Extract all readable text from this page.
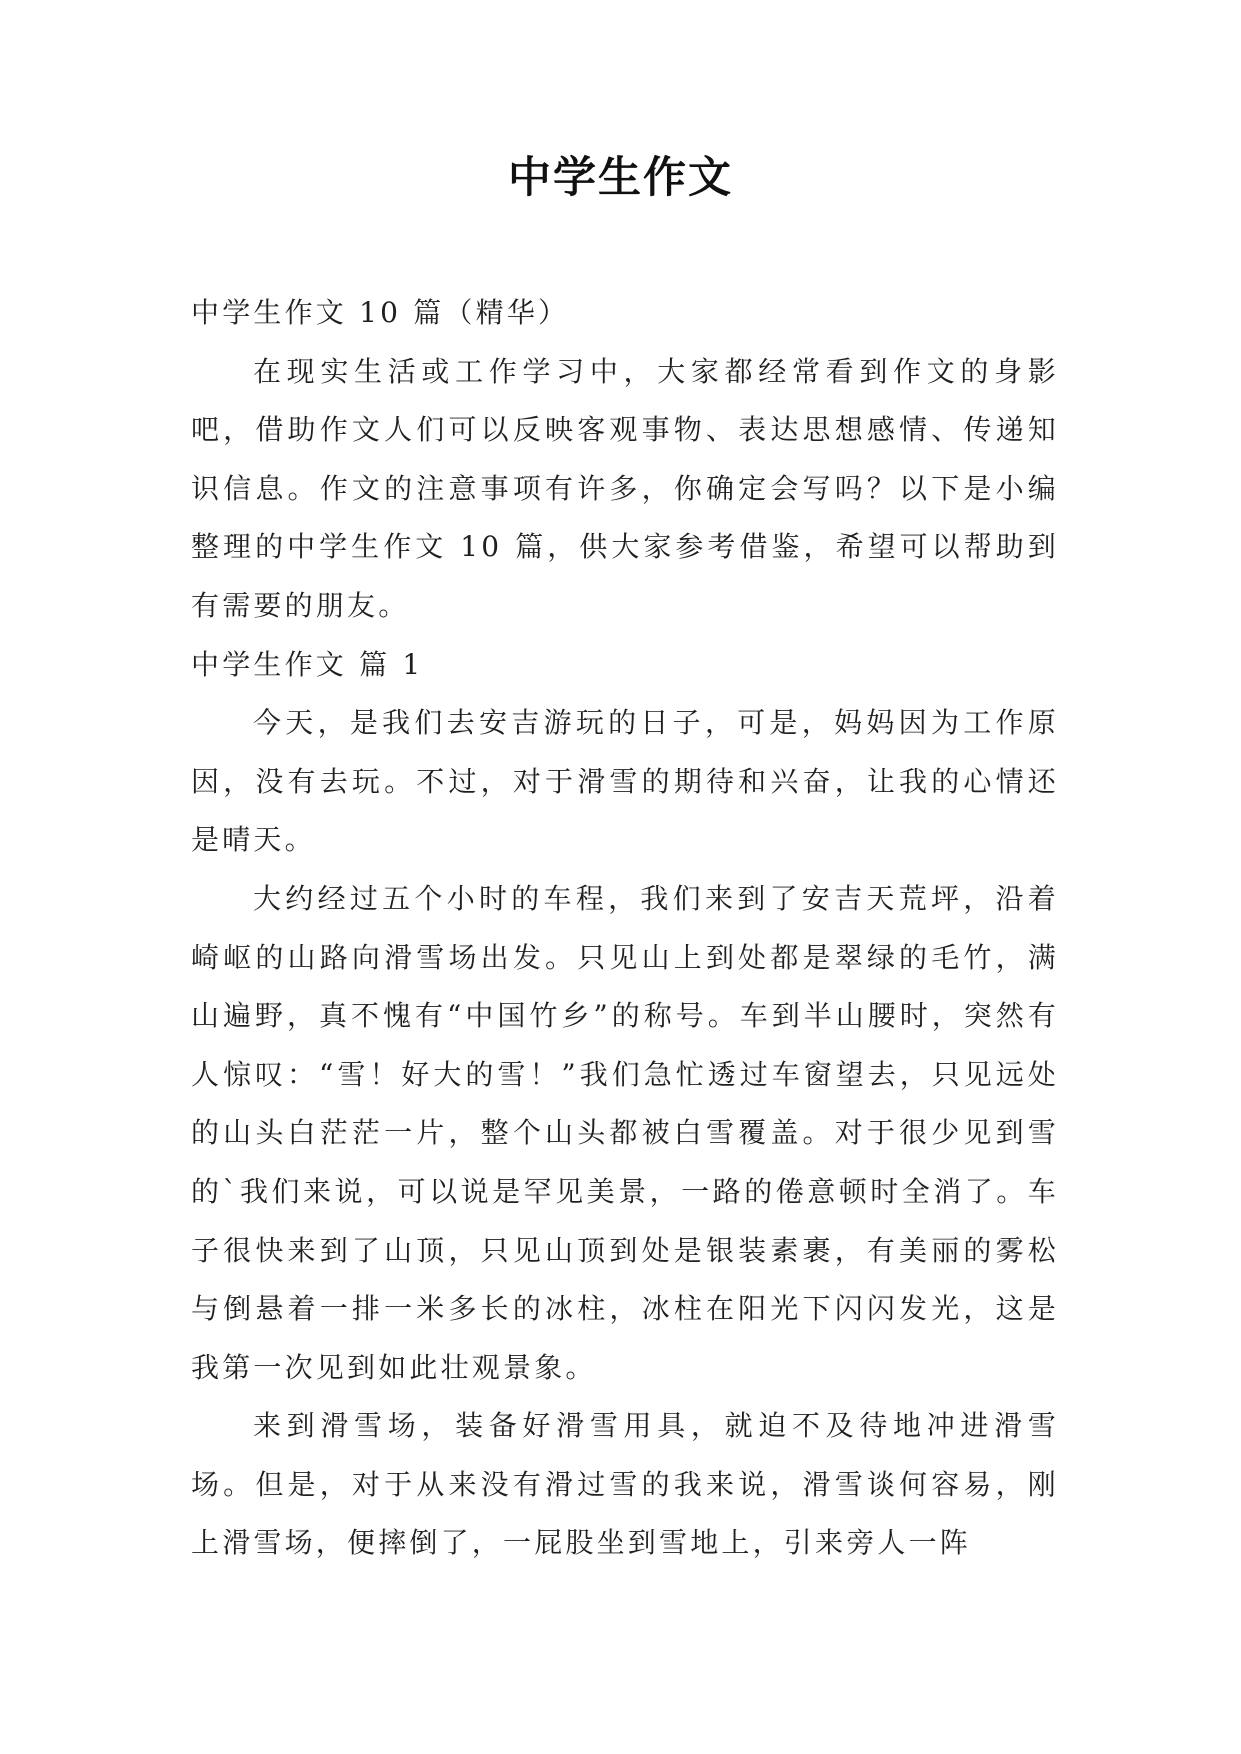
中学生作文

中学生作文 10 篇（精华）

在现实生活或工作学习中，大家都经常看到作文的身影吧，借助作文人们可以反映客观事物、表达思想感情、传递知识信息。作文的注意事项有许多，你确定会写吗？以下是小编整理的中学生作文 10 篇，供大家参考借鉴，希望可以帮助到有需要的朋友。

中学生作文 篇 1

今天，是我们去安吉游玩的日子，可是，妈妈因为工作原因，没有去玩。不过，对于滑雪的期待和兴奋，让我的心情还是晴天。

大约经过五个小时的车程，我们来到了安吉天荒坪，沿着崎岖的山路向滑雪场出发。只见山上到处都是翠绿的毛竹，满山遍野，真不愧有“中国竹乡”的称号。车到半山腰时，突然有人惊叹：“雪！好大的雪！”我们急忙透过车窗望去，只见远处的山头白茫茫一片，整个山头都被白雪覆盖。对于很少见到雪的`我们来说，可以说是罕见美景，一路的倦意顿时全消了。车子很快来到了山顶，只见山顶到处是银装素裹，有美丽的雾松与倒悬着一排一米多长的冰柱，冰柱在阳光下闪闪发光，这是我第一次见到如此壮观景象。

来到滑雪场，装备好滑雪用具，就迫不及待地冲进滑雪场。但是，对于从来没有滑过雪的我来说，滑雪谈何容易，刚上滑雪场，便摔倒了，一屁股坐到雪地上，引来旁人一阵
